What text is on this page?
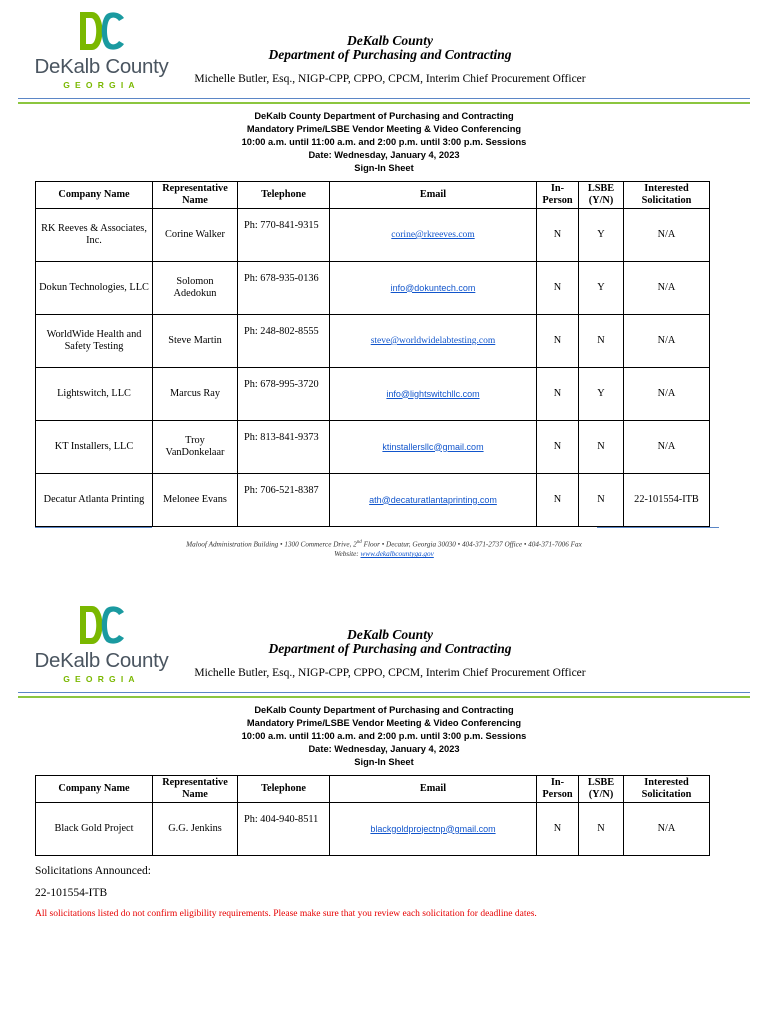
DeKalb County
GEORGIA
DeKalb County
Department of Purchasing and Contracting
Michelle Butler, Esq., NIGP-CPP, CPPO, CPCM, Interim Chief Procurement Officer
DeKalb County Department of Purchasing and Contracting
Mandatory Prime/LSBE Vendor Meeting & Video Conferencing
10:00 a.m. until 11:00 a.m. and 2:00 p.m. until 3:00 p.m. Sessions
Date: Wednesday, January 4, 2023
Sign-In Sheet
Company Name	Representative Name	Telephone	Email	In-Person	LSBE (Y/N)	Interested Solicitation
RK Reeves & Associates, Inc.	Corine Walker	Ph: 770-841-9315	corine@rkreeves.com	N	Y	N/A
Dokun Technologies, LLC	Solomon Adedokun	Ph: 678-935-0136	info@dokuntech.com	N	Y	N/A
WorldWide Health and Safety Testing	Steve Martin	Ph: 248-802-8555	steve@worldwidelabtesting.com	N	N	N/A
Lightswitch, LLC	Marcus Ray	Ph: 678-995-3720	info@lightswitchllc.com	N	Y	N/A
KT Installers, LLC	Troy VanDonkelaar	Ph: 813-841-9373	ktinstallersllc@gmail.com	N	N	N/A
Decatur Atlanta Printing	Melonee Evans	Ph: 706-521-8387	ath@decaturatlantaprinting.com	N	N	22-101554-ITB
Maloof Administration Building • 1300 Commerce Drive, 2nd Floor • Decatur, Georgia 30030 • 404-371-2737 Office • 404-371-7006 Fax
Website: www.dekalbcountyga.gov
DeKalb County
GEORGIA
DeKalb County
Department of Purchasing and Contracting
Michelle Butler, Esq., NIGP-CPP, CPPO, CPCM, Interim Chief Procurement Officer
DeKalb County Department of Purchasing and Contracting
Mandatory Prime/LSBE Vendor Meeting & Video Conferencing
10:00 a.m. until 11:00 a.m. and 2:00 p.m. until 3:00 p.m. Sessions
Date: Wednesday, January 4, 2023
Sign-In Sheet
Company Name	Representative Name	Telephone	Email	In-Person	LSBE (Y/N)	Interested Solicitation
Black Gold Project	G.G. Jenkins	Ph: 404-940-8511	blackgoldprojectnp@gmail.com	N	N	N/A
Solicitations Announced:
22-101554-ITB
All solicitations listed do not confirm eligibility requirements. Please make sure that you review each solicitation for deadline dates.
